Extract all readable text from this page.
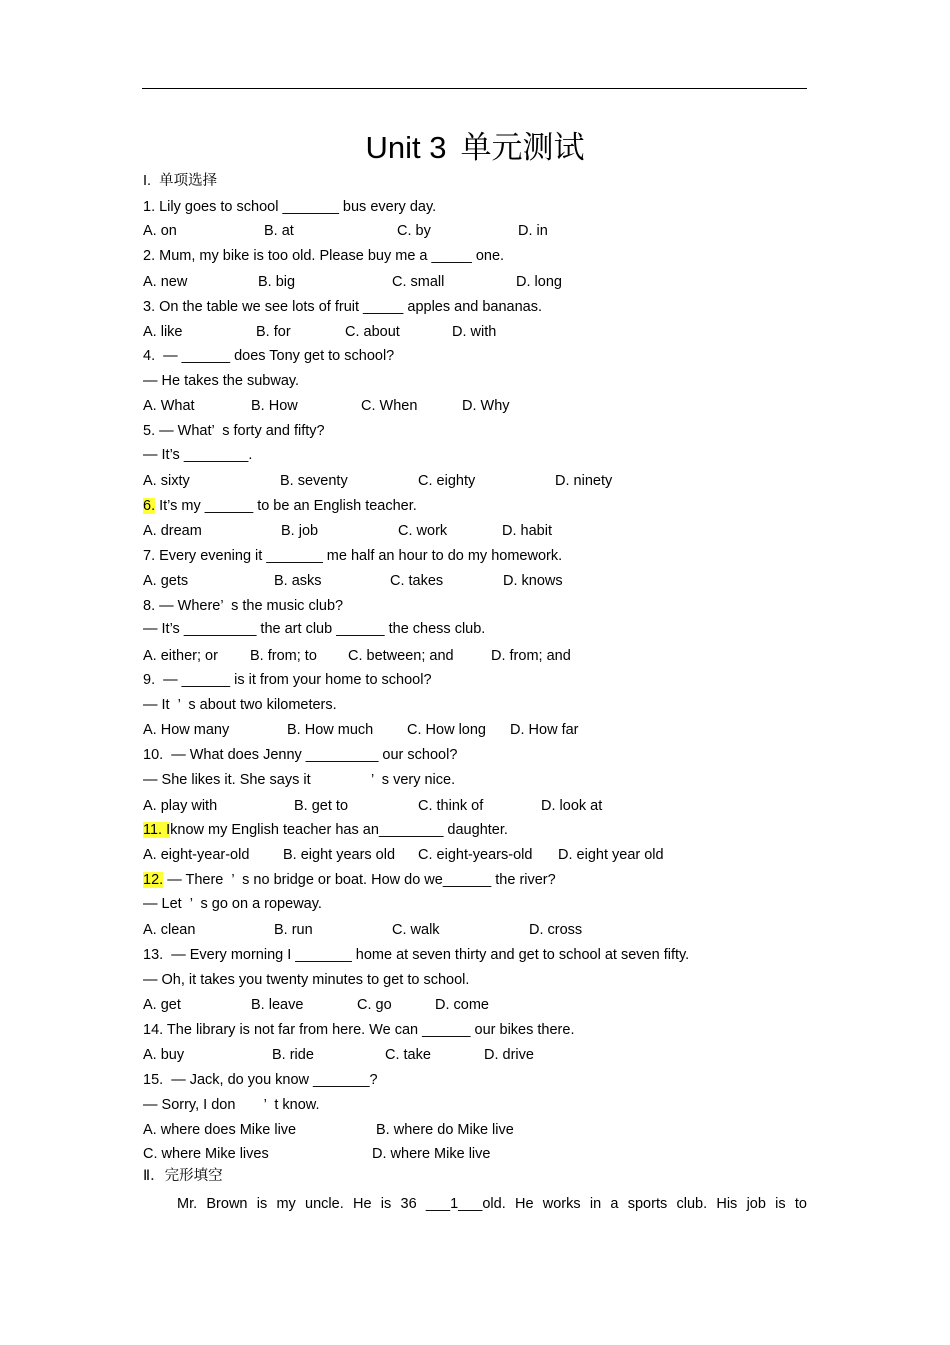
Unit 3 单元测试
I.  单项选择
1. Lily goes to school _______ bus every day.
A. on	B. at	C. by	D. in
2. Mum, my bike is too old. Please buy me a _____ one.
A. new	B. big	C. small	D. long
3. On the table we see lots of fruit _____ apples and bananas.
A. like	B. for	C. about	D. with
4.  — ______ does Tony get to school?
— He takes the subway.
A. What	B. How	C. When	D. Why
5. — What’  s forty and fifty?
— It’s ________.
A. sixty	B. seventy	C. eighty	D. ninety
6. It’s my ______ to be an English teacher.
A. dream	B. job	C. work	D. habit
7. Every evening it _______ me half an hour to do my homework.
A. gets	B. asks	C. takes	D. knows
8. — Where’  s the music club?
— It’s _________ the art club ______ the chess club.
A. either; or B. from; to C. between; and	D. from; and
9.  — ______ is it from your home to school?
— It  ’  s about two kilometers.
A. How many	B. How much C. How long D. How far
10.  — What does Jenny _________ our school?
— She likes it. She says it               ’  s very nice.
A. play with	B. get to	C. think of	D. look at
11. Iknow my English teacher has an________ daughter.
A. eight-year-old B. eight years old C. eight-years-old D. eight year old
12. — There  ’  s no bridge or boat. How do we______ the river?
— Let  ’  s go on a ropeway.
A. clean	B. run	C. walk	D. cross
13.  — Every morning I _______ home at seven thirty and get to school at seven fifty.
— Oh, it takes you twenty minutes to get to school.
A. get	B. leave	C. go	D. come
14. The library is not far from here. We can ______ our bikes there.
A. buy	B. ride	C. take	D. drive
15.  — Jack, do you know _______?
— Sorry, I don       ’  t know.
A. where does Mike live	B. where do Mike live
C. where Mike lives	D. where Mike live
Ⅱ．完形填空
Mr. Brown is my uncle. He is 36 ___1___old. He works in a sports club. His job is to
